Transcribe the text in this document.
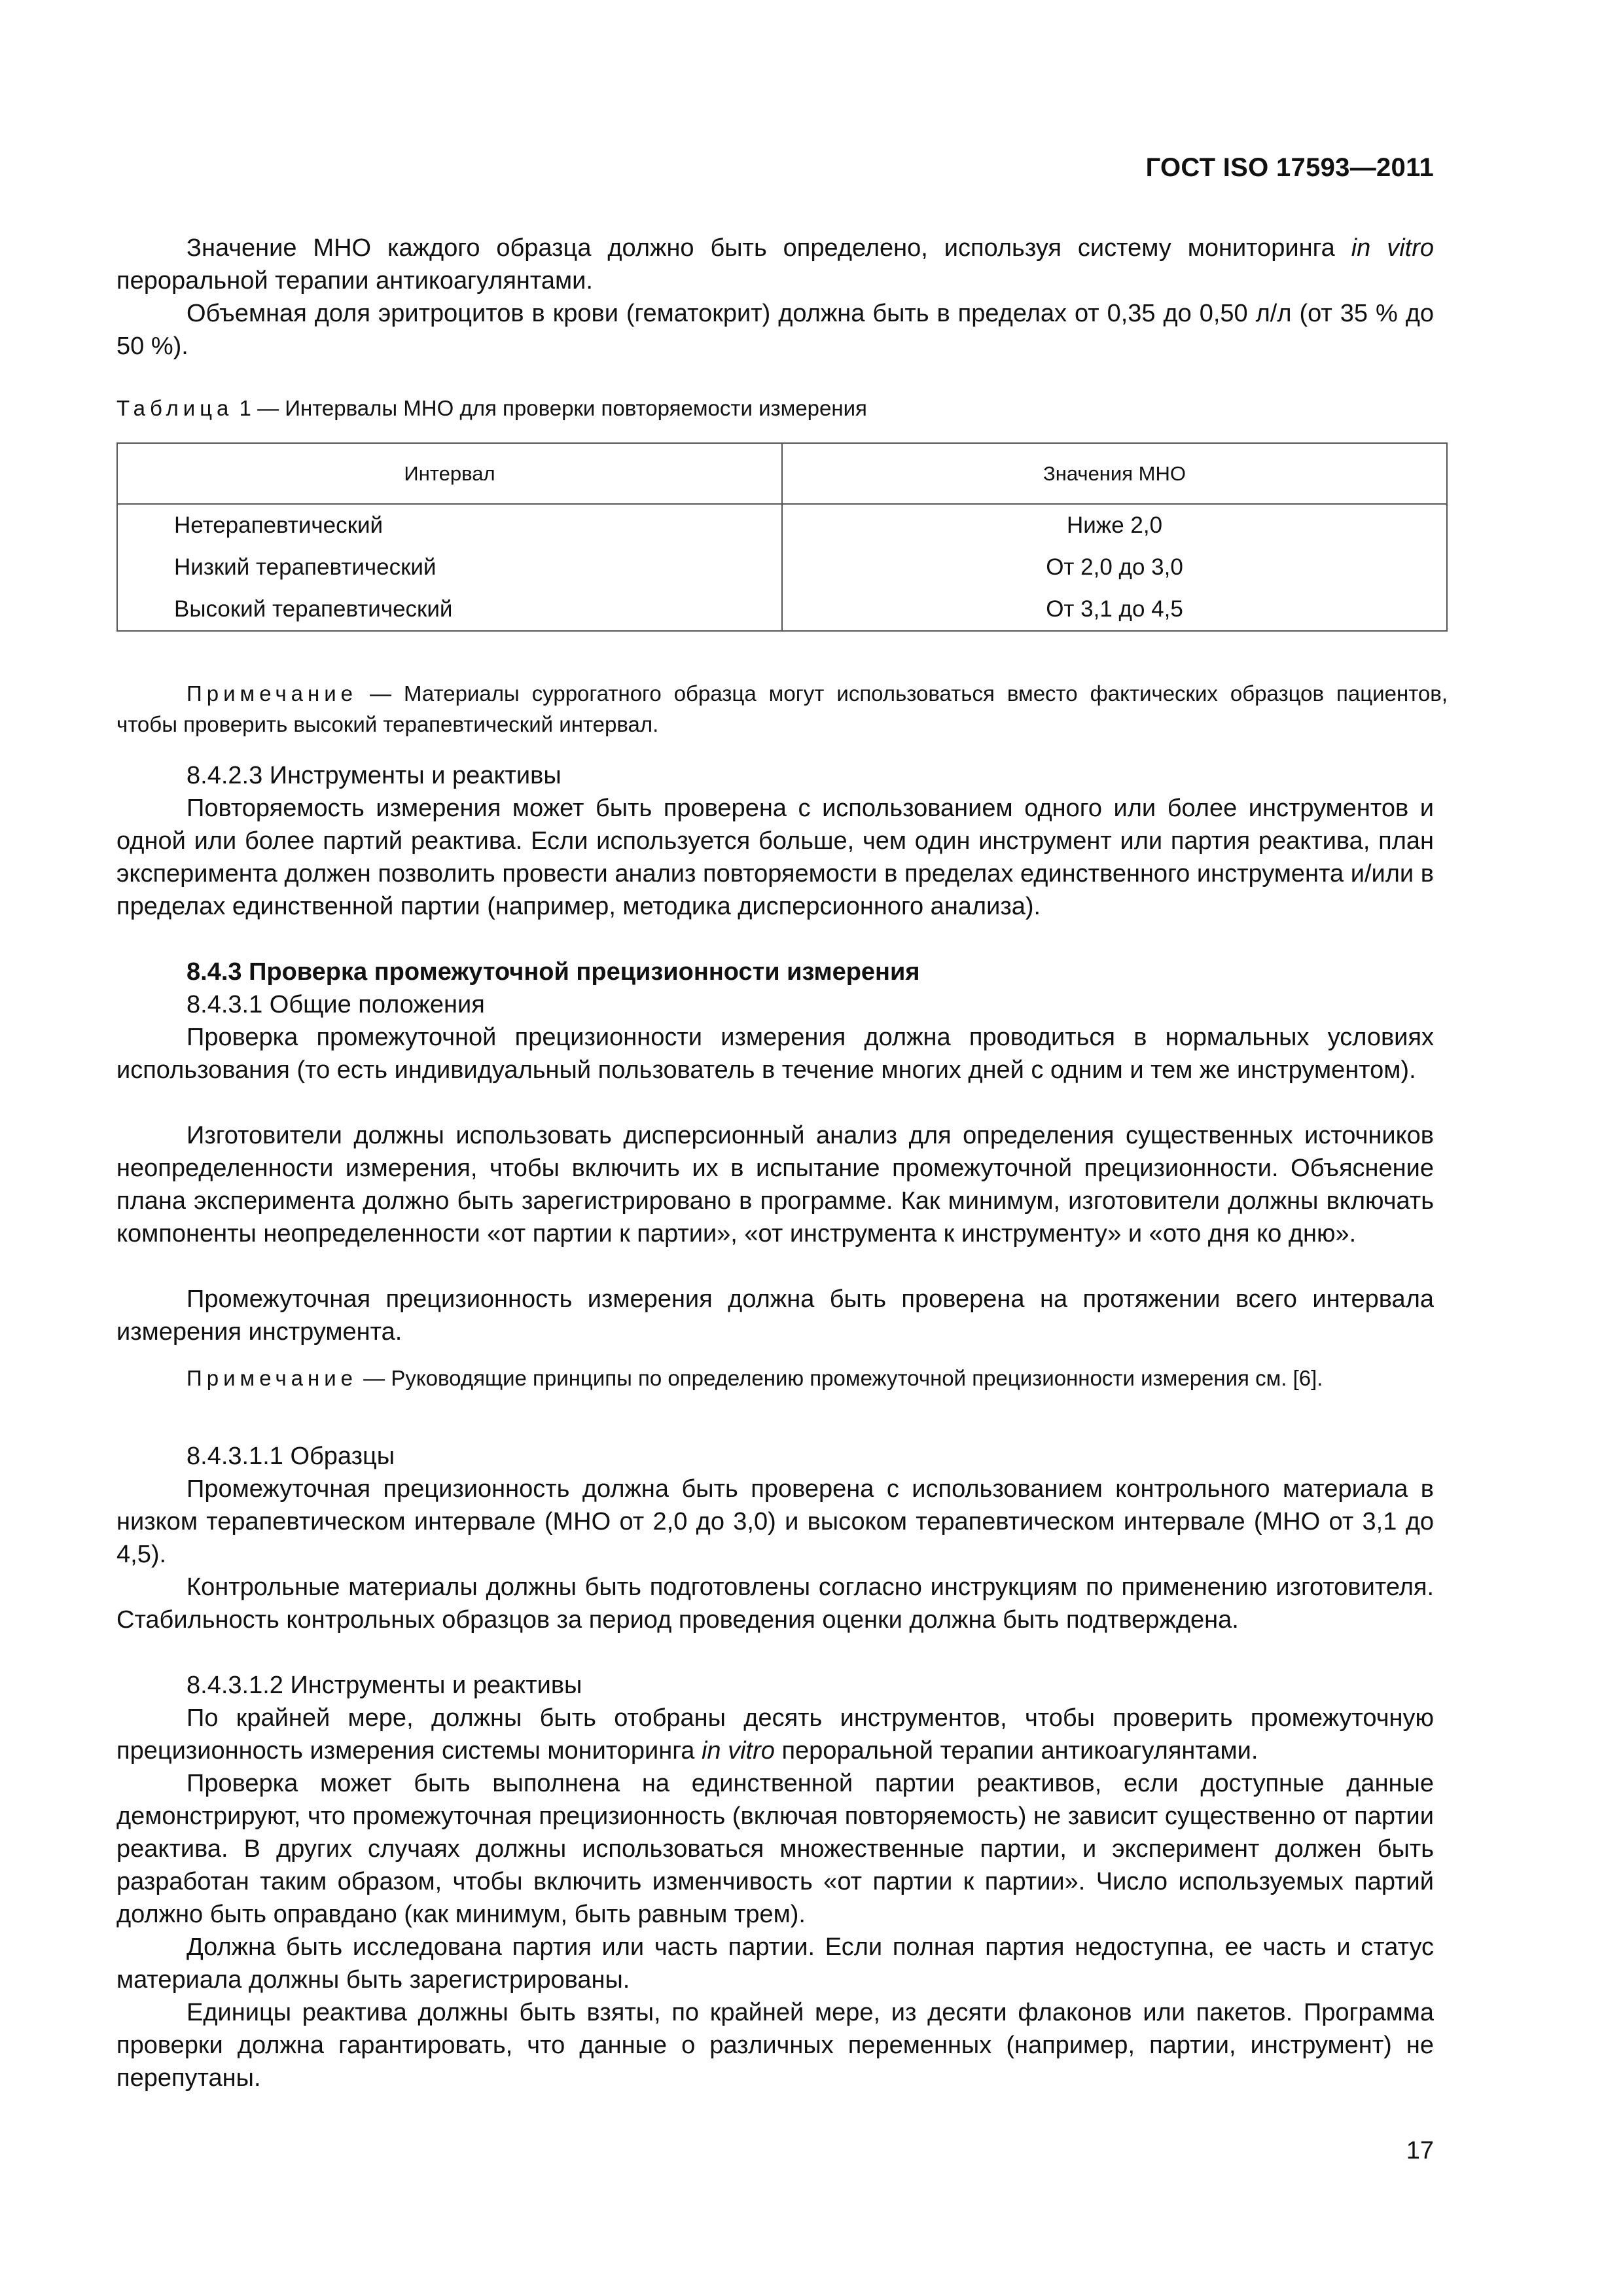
ГОСТ ISO 17593—2011

Значение МНО каждого образца должно быть определено, используя систему мониторинга in vitro пероральной терапии антикоагулянтами.

Объемная доля эритроцитов в крови (гематокрит) должна быть в пределах от 0,35 до 0,50 л/л (от 35 % до 50 %).

Таблица 1 — Интервалы МНО для проверки повторяемости измерения
Интервал	Значения МНО
Нетерапевтический	Ниже 2,0
Низкий терапевтический	От 2,0 до 3,0
Высокий терапевтический	От 3,1 до 4,5

Примечание — Материалы суррогатного образца могут использоваться вместо фактических образцов пациентов, чтобы проверить высокий терапевтический интервал.

8.4.2.3 Инструменты и реактивы

Повторяемость измерения может быть проверена с использованием одного или более инструментов и одной или более партий реактива. Если используется больше, чем один инструмент или партия реактива, план эксперимента должен позволить провести анализ повторяемости в пределах единственного инструмента и/или в пределах единственной партии (например, методика дисперсионного анализа).

8.4.3 Проверка промежуточной прецизионности измерения

8.4.3.1 Общие положения

Проверка промежуточной прецизионности измерения должна проводиться в нормальных условиях использования (то есть индивидуальный пользователь в течение многих дней с одним и тем же инструментом).

Изготовители должны использовать дисперсионный анализ для определения существенных источников неопределенности измерения, чтобы включить их в испытание промежуточной прецизионности. Объяснение плана эксперимента должно быть зарегистрировано в программе. Как минимум, изготовители должны включать компоненты неопределенности «от партии к партии», «от инструмента к инструменту» и «ото дня ко дню».

Промежуточная прецизионность измерения должна быть проверена на протяжении всего интервала измерения инструмента.

Примечание — Руководящие принципы по определению промежуточной прецизионности измерения см. [6].

8.4.3.1.1 Образцы

Промежуточная прецизионность должна быть проверена с использованием контрольного материала в низком терапевтическом интервале (МНО от 2,0 до 3,0) и высоком терапевтическом интервале (МНО от 3,1 до 4,5).

Контрольные материалы должны быть подготовлены согласно инструкциям по применению изготовителя. Стабильность контрольных образцов за период проведения оценки должна быть подтверждена.

8.4.3.1.2 Инструменты и реактивы

По крайней мере, должны быть отобраны десять инструментов, чтобы проверить промежуточную прецизионность измерения системы мониторинга in vitro пероральной терапии антикоагулянтами.

Проверка может быть выполнена на единственной партии реактивов, если доступные данные демонстрируют, что промежуточная прецизионность (включая повторяемость) не зависит существенно от партии реактива. В других случаях должны использоваться множественные партии, и эксперимент должен быть разработан таким образом, чтобы включить изменчивость «от партии к партии». Число используемых партий должно быть оправдано (как минимум, быть равным трем).

Должна быть исследована партия или часть партии. Если полная партия недоступна, ее часть и статус материала должны быть зарегистрированы.

Единицы реактива должны быть взяты, по крайней мере, из десяти флаконов или пакетов. Программа проверки должна гарантировать, что данные о различных переменных (например, партии, инструмент) не перепутаны.

17
